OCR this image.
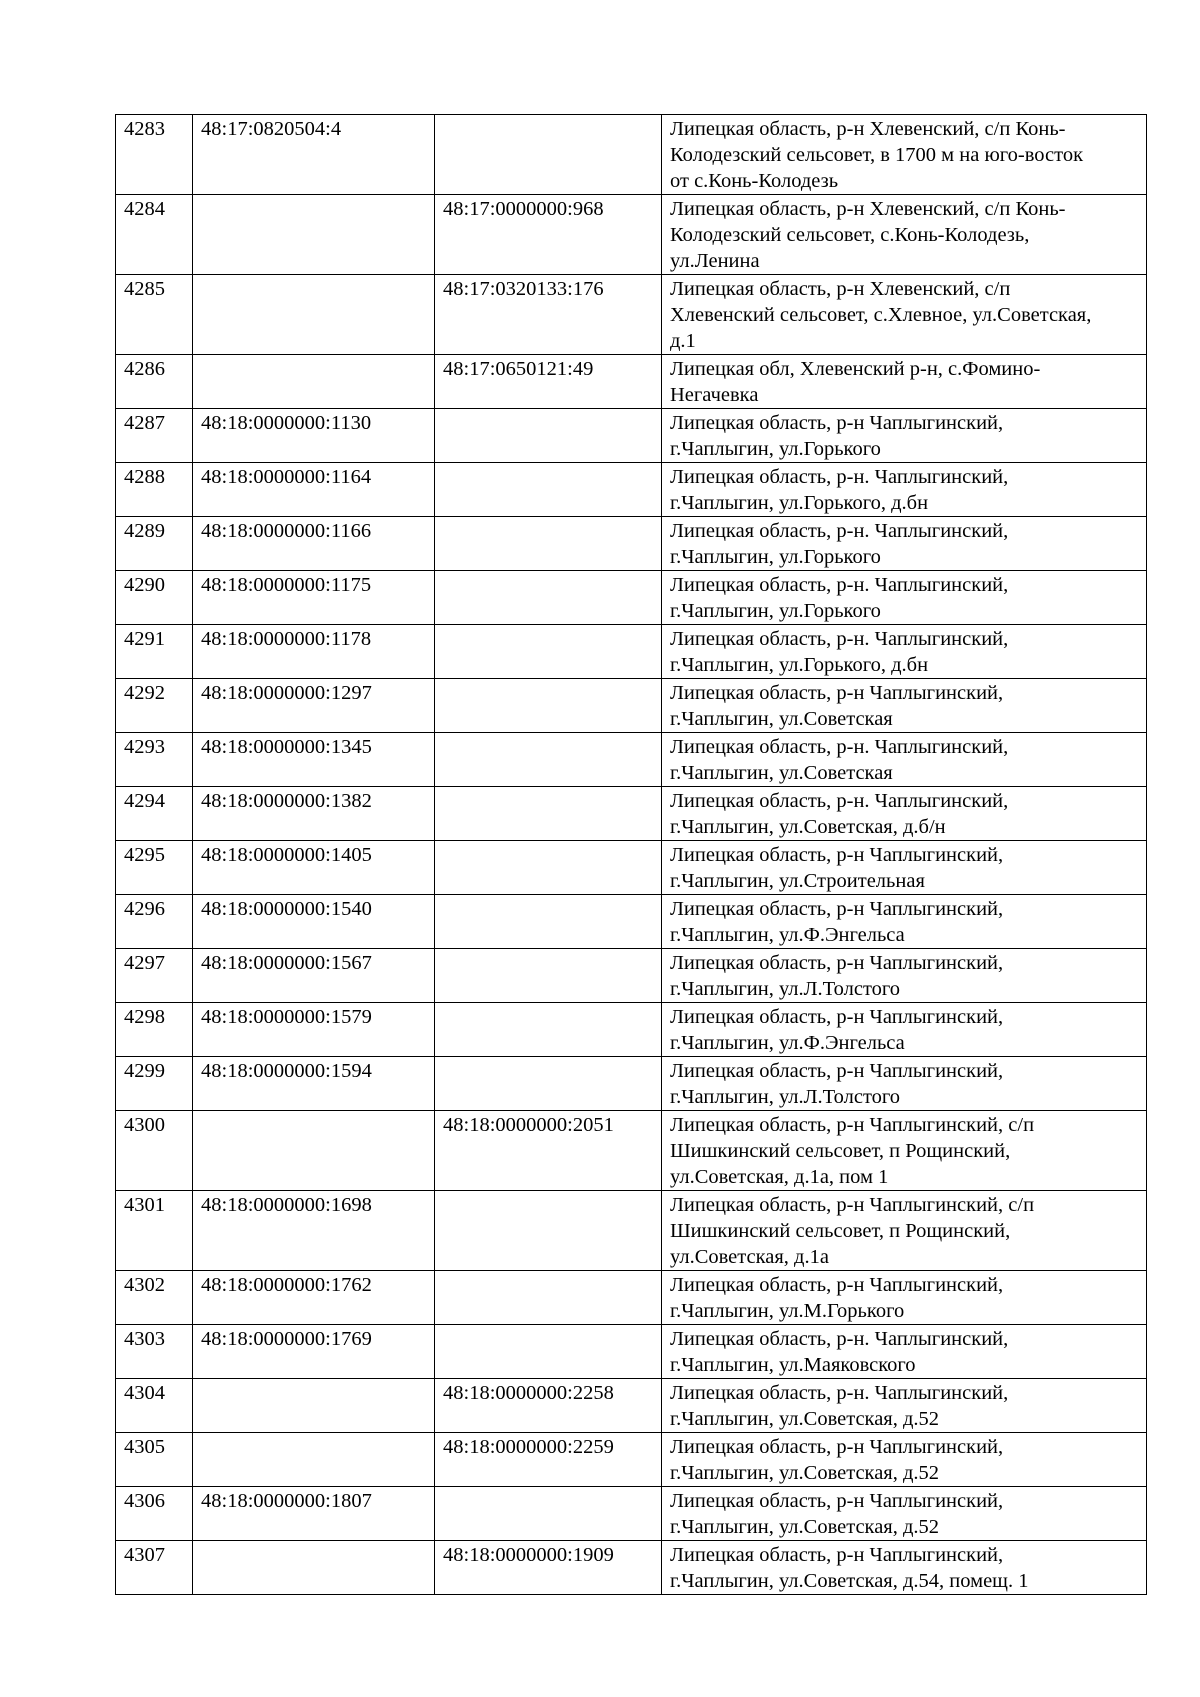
4283	48:17:0820504:4		Липецкая область, р-н Хлевенский, с/п Конь-
Колодезский сельсовет, в 1700 м на юго-восток
от с.Конь-Колодезь

4284		48:17:0000000:968	Липецкая область, р-н Хлевенский, с/п Конь-
Колодезский сельсовет, с.Конь-Колодезь,
ул.Ленина

4285		48:17:0320133:176	Липецкая область, р-н Хлевенский, с/п
Хлевенский сельсовет, с.Хлевное, ул.Советская,
д.1

4286		48:17:0650121:49	Липецкая обл, Хлевенский р-н, с.Фомино-
Негачевка

4287	48:18:0000000:1130		Липецкая область, р-н Чаплыгинский,
г.Чаплыгин, ул.Горького

4288	48:18:0000000:1164		Липецкая область, р-н. Чаплыгинский,
г.Чаплыгин, ул.Горького, д.бн

4289	48:18:0000000:1166		Липецкая область, р-н. Чаплыгинский,
г.Чаплыгин, ул.Горького

4290	48:18:0000000:1175		Липецкая область, р-н. Чаплыгинский,
г.Чаплыгин, ул.Горького

4291	48:18:0000000:1178		Липецкая область, р-н. Чаплыгинский,
г.Чаплыгин, ул.Горького, д.бн

4292	48:18:0000000:1297		Липецкая область, р-н Чаплыгинский,
г.Чаплыгин, ул.Советская

4293	48:18:0000000:1345		Липецкая область, р-н. Чаплыгинский,
г.Чаплыгин, ул.Советская

4294	48:18:0000000:1382		Липецкая область, р-н. Чаплыгинский,
г.Чаплыгин, ул.Советская, д.б/н

4295	48:18:0000000:1405		Липецкая область, р-н Чаплыгинский,
г.Чаплыгин, ул.Строительная

4296	48:18:0000000:1540		Липецкая область, р-н Чаплыгинский,
г.Чаплыгин, ул.Ф.Энгельса

4297	48:18:0000000:1567		Липецкая область, р-н Чаплыгинский,
г.Чаплыгин, ул.Л.Толстого

4298	48:18:0000000:1579		Липецкая область, р-н Чаплыгинский,
г.Чаплыгин, ул.Ф.Энгельса

4299	48:18:0000000:1594		Липецкая область, р-н Чаплыгинский,
г.Чаплыгин, ул.Л.Толстого

4300		48:18:0000000:2051	Липецкая область, р-н Чаплыгинский, с/п
Шишкинский сельсовет, п Рощинский,
ул.Советская, д.1а, пом 1

4301	48:18:0000000:1698		Липецкая область, р-н Чаплыгинский, с/п
Шишкинский сельсовет, п Рощинский,
ул.Советская, д.1а

4302	48:18:0000000:1762		Липецкая область, р-н Чаплыгинский,
г.Чаплыгин, ул.М.Горького

4303	48:18:0000000:1769		Липецкая область, р-н. Чаплыгинский,
г.Чаплыгин, ул.Маяковского

4304		48:18:0000000:2258	Липецкая область, р-н. Чаплыгинский,
г.Чаплыгин, ул.Советская, д.52

4305		48:18:0000000:2259	Липецкая область, р-н Чаплыгинский,
г.Чаплыгин, ул.Советская, д.52

4306	48:18:0000000:1807		Липецкая область, р-н Чаплыгинский,
г.Чаплыгин, ул.Советская, д.52

4307		48:18:0000000:1909	Липецкая область, р-н Чаплыгинский,
г.Чаплыгин, ул.Советская, д.54, помещ. 1
